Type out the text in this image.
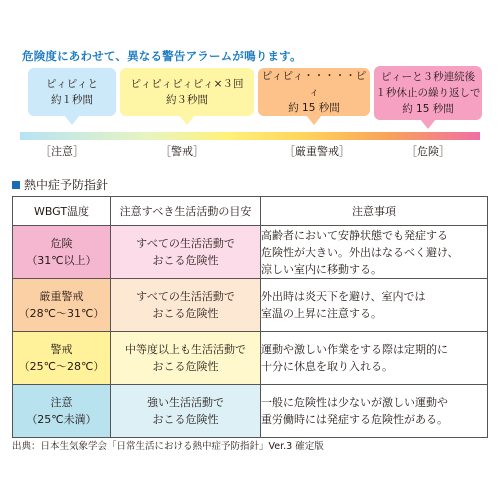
危険度にあわせて、異なる警告アラームが鳴ります。
ピィピィと
約１秒間
ピィピィピィピィ×３回
約３秒間
ピィピィ・・・・・ピィ
約 15 秒間
ピィーと３秒連続後
１秒休止の繰り返しで
約 15 秒間
［注意］	［警戒］	［厳重警戒］	［危険］
熱中症予防指針
WBGT温度	注意すべき生活活動の目安	注意事項

危険
（31℃以上）	すべての生活活動で
おこる危険性	高齢者において安静状態でも発症する
危険性が大きい。外出はなるべく避け、
涼しい室内に移動する。

厳重警戒
（28℃〜31℃）	すべての生活活動で
おこる危険性	外出時は炎天下を避け、室内では
室温の上昇に注意する。

警戒
（25℃〜28℃）	中等度以上も生活活動で
おこる危険性	運動や激しい作業をする際は定期的に
十分に休息を取り入れる。

注意
（25℃未満）	強い生活活動で
おこる危険性	一般に危険性は少ないが激しい運動や
重労働時には発症する危険性がある。
出典：日本生気象学会「日常生活における熱中症予防指針」Ver.3 確定版
